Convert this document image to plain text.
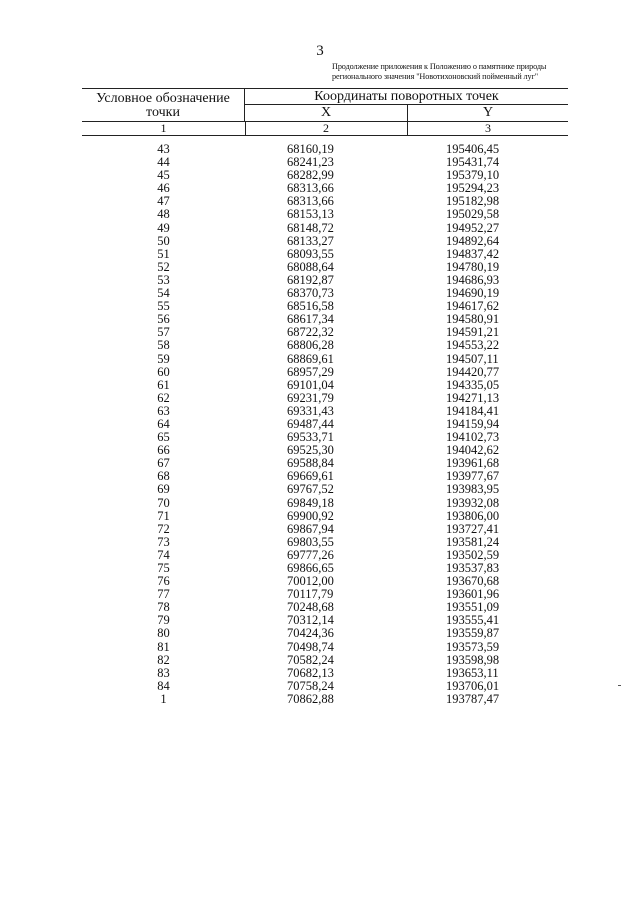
3
Продолжение приложения к Положению о памятнике природы
регионального значения "Новотихоновский пойменный луг"
Условное обозначение
точки
Координаты поворотных точек
X	Y
1	2	3
43	68160,19	195406,45
44	68241,23	195431,74
45	68282,99	195379,10
46	68313,66	195294,23
47	68313,66	195182,98
48	68153,13	195029,58
49	68148,72	194952,27
50	68133,27	194892,64
51	68093,55	194837,42
52	68088,64	194780,19
53	68192,87	194686,93
54	68370,73	194690,19
55	68516,58	194617,62
56	68617,34	194580,91
57	68722,32	194591,21
58	68806,28	194553,22
59	68869,61	194507,11
60	68957,29	194420,77
61	69101,04	194335,05
62	69231,79	194271,13
63	69331,43	194184,41
64	69487,44	194159,94
65	69533,71	194102,73
66	69525,30	194042,62
67	69588,84	193961,68
68	69669,61	193977,67
69	69767,52	193983,95
70	69849,18	193932,08
71	69900,92	193806,00
72	69867,94	193727,41
73	69803,55	193581,24
74	69777,26	193502,59
75	69866,65	193537,83
76	70012,00	193670,68
77	70117,79	193601,96
78	70248,68	193551,09
79	70312,14	193555,41
80	70424,36	193559,87
81	70498,74	193573,59
82	70582,24	193598,98
83	70682,13	193653,11
84	70758,24	193706,01
1	70862,88	193787,47
